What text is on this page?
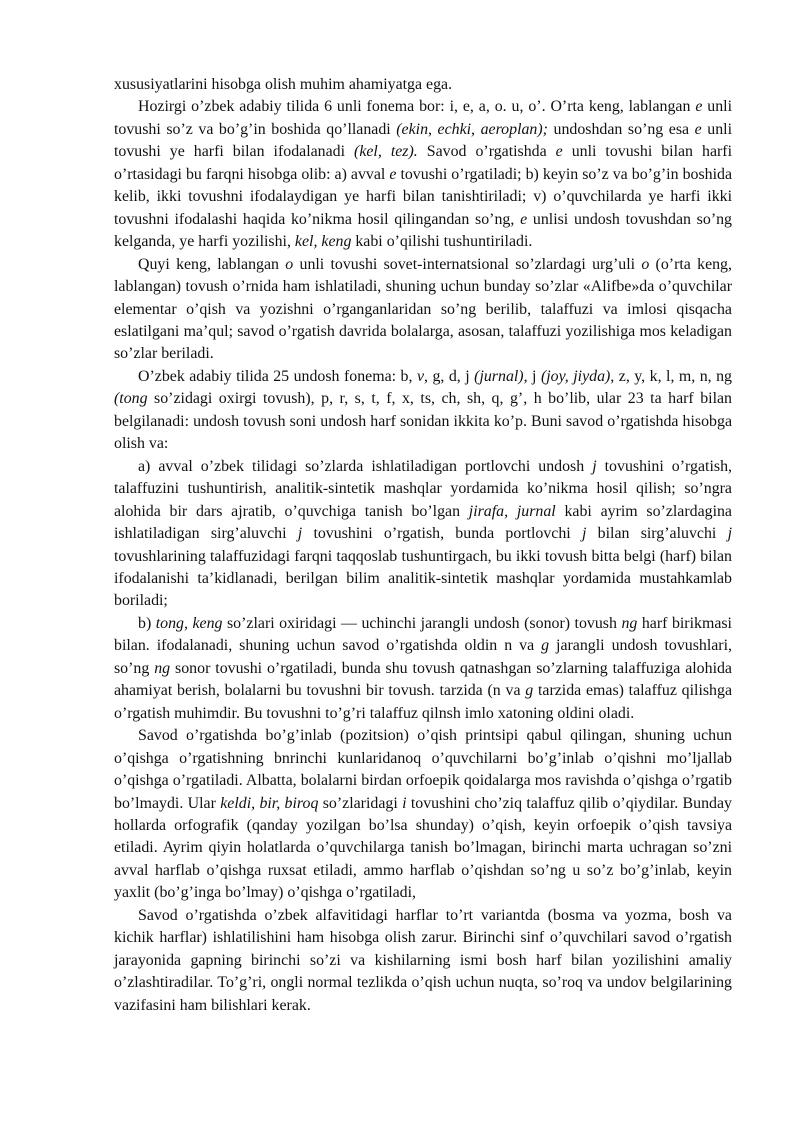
xususiyatlarini hisobga olish muhim ahamiyatga ega.

Hozirgi o’zbek adabiy tilida 6 unli fonema bor: i, e, a, o. u, o’. O’rta keng, lablangan e unli tovushi so’z va bo’g’in boshida qo’llanadi (ekin, echki, aeroplan); undoshdan so’ng esa e unli tovushi ye harfi bilan ifodalanadi (kel, tez). Savod o’rgatishda e unli tovushi bilan harfi o’rtasidagi bu farqni hisobga olib: a) avval e tovushi o’rgatiladi; b) keyin so’z va bo’g’in boshida kelib, ikki tovushni ifodalaydigan ye harfi bilan tanishtiriladi; v) o’quvchilarda ye harfi ikki tovushni ifodalashi haqida ko’nikma hosil qilingandan so’ng, e unlisi undosh tovushdan so’ng kelganda, ye harfi yozilishi, kel, keng kabi o’qilishi tushuntiriladi.

Quyi keng, lablangan o unli tovushi sovet-internatsional so’zlardagi urg’uli o (o’rta keng, lablangan) tovush o’rnida ham ishlatiladi, shuning uchun bunday so’zlar «Alifbe»da o’quvchilar elementar o’qish va yozishni o’rganganlaridan so’ng berilib, talaffuzi va imlosi qisqacha eslatilgani ma’qul; savod o’rgatish davrida bolalarga, asosan, talaffuzi yozilishiga mos keladigan so’zlar beriladi.

O’zbek adabiy tilida 25 undosh fonema: b, v, g, d, j (jurnal), j (joy, jiyda), z, y, k, l, m, n, ng (tong so’zidagi oxirgi tovush), p, r, s, t, f, x, ts, ch, sh, q, g’, h bo’lib, ular 23 ta harf bilan belgilanadi: undosh tovush soni undosh harf sonidan ikkita ko’p. Buni savod o’rgatishda hisobga olish va:

a) avval o’zbek tilidagi so’zlarda ishlatiladigan portlovchi undosh j tovushini o’rgatish, talaffuzini tushuntirish, analitik-sintetik mashqlar yordamida ko’nikma hosil qilish; so’ngra alohida bir dars ajratib, o’quvchiga tanish bo’lgan jirafa, jurnal kabi ayrim so’zlardagina ishlatiladigan sirg’aluvchi j tovushini o’rgatish, bunda portlovchi j bilan sirg’aluvchi j tovushlarining talaffuzidagi farqni taqqoslab tushuntirgach, bu ikki tovush bitta belgi (harf) bilan ifodalanishi ta’kidlanadi, berilgan bilim analitik-sintetik mashqlar yordamida mustahkamlab boriladi;

b) tong, keng so’zlari oxiridagi — uchinchi jarangli undosh (sonor) tovush ng harf birikmasi bilan. ifodalanadi, shuning uchun savod o’rgatishda oldin n va g jarangli undosh tovushlari, so’ng ng sonor tovushi o’rgatiladi, bunda shu tovush qatnashgan so’zlarning talaffuziga alohida ahamiyat berish, bolalarni bu tovushni bir tovush. tarzida (n va g tarzida emas) talaffuz qilishga o’rgatish muhimdir. Bu tovushni to’g’ri talaffuz qilnsh imlo xatoning oldini oladi.

Savod o’rgatishda bo’g’inlab (pozitsion) o’qish printsipi qabul qilingan, shuning uchun o’qishga o’rgatishning bnrinchi kunlaridanoq o’quvchilarni bo’g’inlab o’qishni mo’ljallab o’qishga o’rgatiladi. Albatta, bolalarni birdan orfoepik qoidalarga mos ravishda o’qishga o’rgatib bo’lmaydi. Ular keldi, bir, biroq so’zlaridagi i tovushini cho’ziq talaffuz qilib o’qiydilar. Bunday hollarda orfografik (qanday yozilgan bo’lsa shunday) o’qish, keyin orfoepik o’qish tavsiya etiladi. Ayrim qiyin holatlarda o’quvchilarga tanish bo’lmagan, birinchi marta uchragan so’zni avval harflab o’qishga ruxsat etiladi, ammo harflab o’qishdan so’ng u so’z bo’g’inlab, keyin yaxlit (bo’g’inga bo’lmay) o’qishga o’rgatiladi,

Savod o’rgatishda o’zbek alfavitidagi harflar to’rt variantda (bosma va yozma, bosh va kichik harflar) ishlatilishini ham hisobga olish zarur. Birinchi sinf o’quvchilari savod o’rgatish jarayonida gapning birinchi so’zi va kishilarning ismi bosh harf bilan yozilishini amaliy o’zlashtiradilar. To’g’ri, ongli normal tezlikda o’qish uchun nuqta, so’roq va undov belgilarining vazifasini ham bilishlari kerak.
